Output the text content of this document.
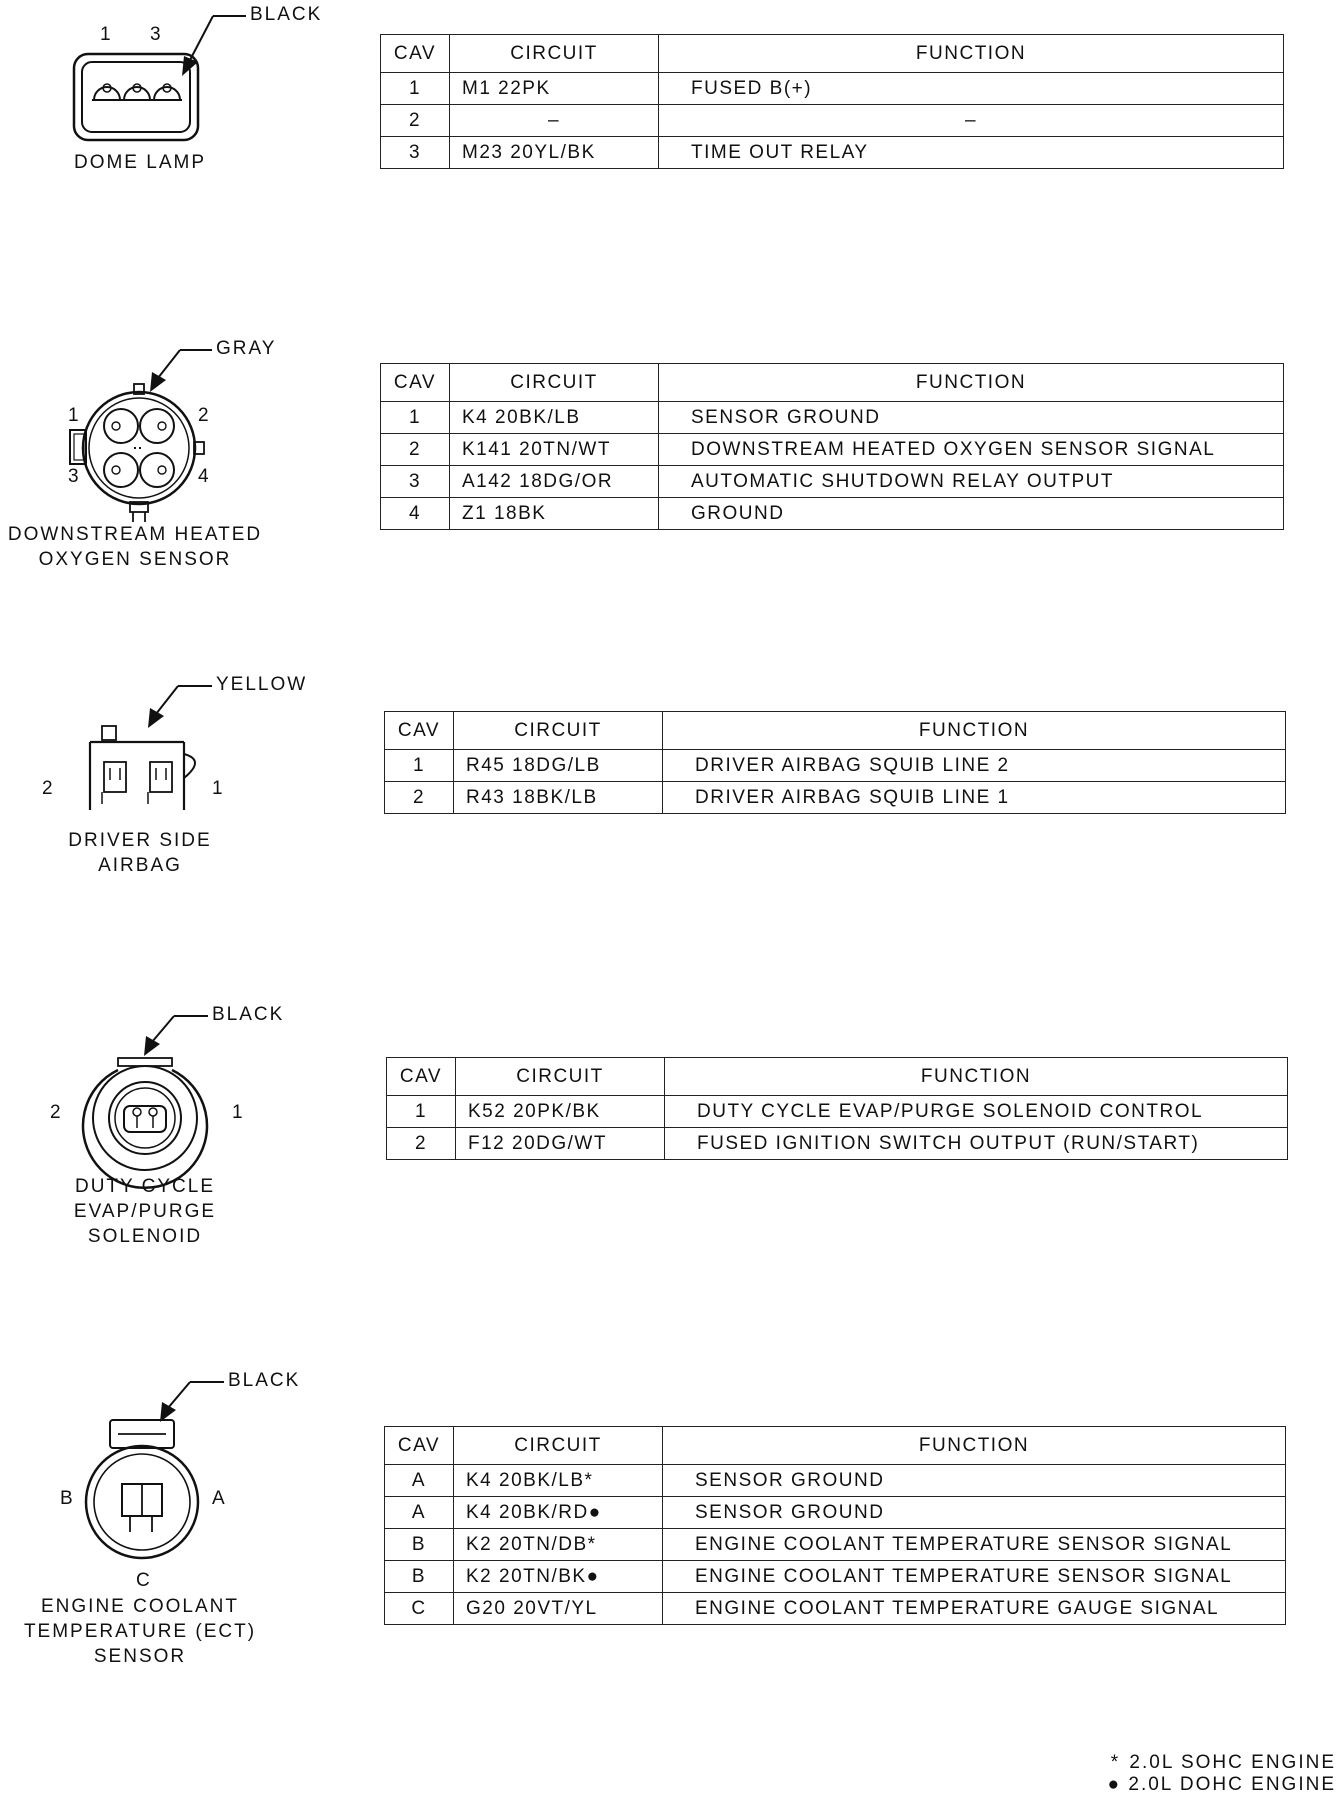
BLACK
1 3
DOME LAMP
CAV	CIRCUIT	FUNCTION
1	M1 22PK	FUSED B(+)
2	–	–
3	M23 20YL/BK	TIME OUT RELAY
GRAY
1	2
3	4
DOWNSTREAM HEATED
OXYGEN SENSOR
CAV	CIRCUIT	FUNCTION
1	K4 20BK/LB	SENSOR GROUND
2	K141 20TN/WT	DOWNSTREAM HEATED OXYGEN SENSOR SIGNAL
3	A142 18DG/OR	AUTOMATIC SHUTDOWN RELAY OUTPUT
4	Z1 18BK	GROUND
YELLOW
2	1
DRIVER SIDE
AIRBAG
CAV	CIRCUIT	FUNCTION
1	R45 18DG/LB	DRIVER AIRBAG SQUIB LINE 2
2	R43 18BK/LB	DRIVER AIRBAG SQUIB LINE 1
BLACK
2	1
DUTY CYCLE
EVAP/PURGE
SOLENOID
CAV	CIRCUIT	FUNCTION
1	K52 20PK/BK	DUTY CYCLE EVAP/PURGE SOLENOID CONTROL
2	F12 20DG/WT	FUSED IGNITION SWITCH OUTPUT (RUN/START)
BLACK
B	A
C
ENGINE COOLANT
TEMPERATURE (ECT)
SENSOR
CAV	CIRCUIT	FUNCTION
A	K4 20BK/LB*	SENSOR GROUND
A	K4 20BK/RD●	SENSOR GROUND
B	K2 20TN/DB*	ENGINE COOLANT TEMPERATURE SENSOR SIGNAL
B	K2 20TN/BK●	ENGINE COOLANT TEMPERATURE SENSOR SIGNAL
C	G20 20VT/YL	ENGINE COOLANT TEMPERATURE GAUGE SIGNAL
* 2.0L SOHC ENGINE
● 2.0L DOHC ENGINE
